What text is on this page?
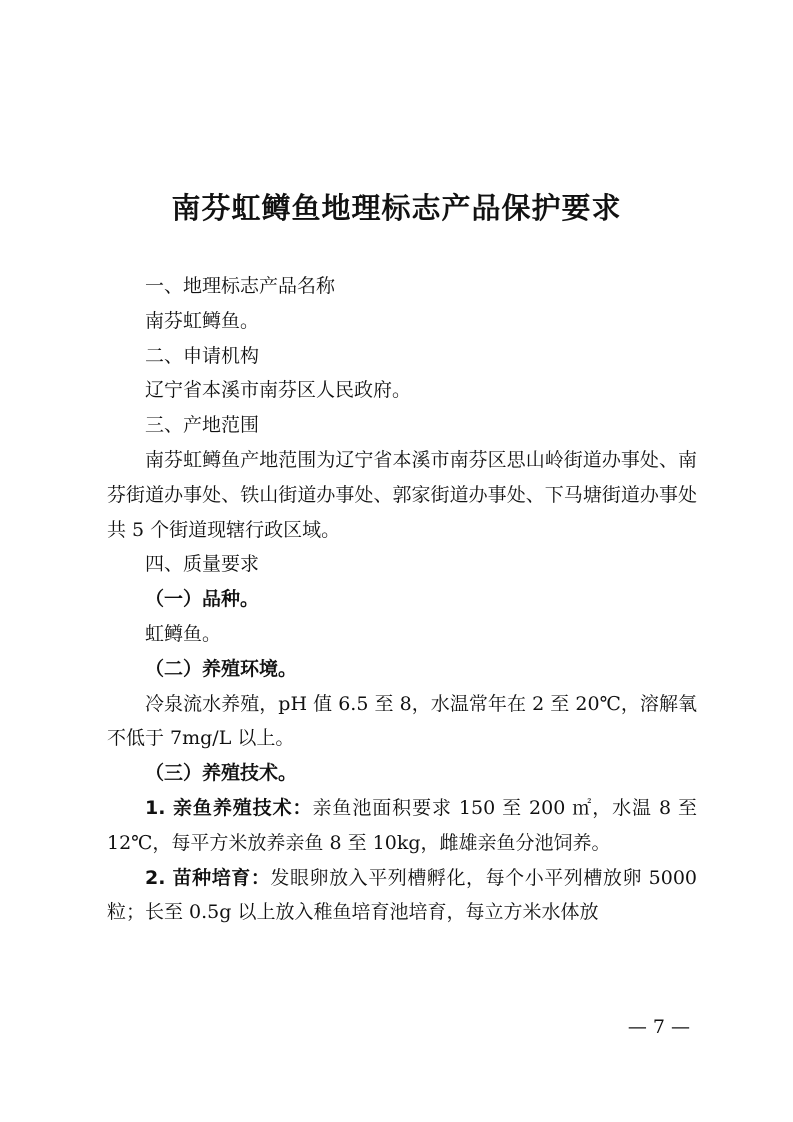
南芬虹鳟鱼地理标志产品保护要求

一、地理标志产品名称

南芬虹鳟鱼。

二、申请机构

辽宁省本溪市南芬区人民政府。

三、产地范围

南芬虹鳟鱼产地范围为辽宁省本溪市南芬区思山岭街道办事处、南芬街道办事处、铁山街道办事处、郭家街道办事处、下马塘街道办事处共 5 个街道现辖行政区域。

四、质量要求

（一）品种。

虹鳟鱼。

（二）养殖环境。

冷泉流水养殖，pH 值 6.5 至 8，水温常年在 2 至 20℃，溶解氧不低于 7mg/L 以上。

（三）养殖技术。

1. 亲鱼养殖技术：亲鱼池面积要求 150 至 200 ㎡，水温 8 至 12℃，每平方米放养亲鱼 8 至 10kg，雌雄亲鱼分池饲养。

2. 苗种培育：发眼卵放入平列槽孵化，每个小平列槽放卵 5000 粒；长至 0.5g 以上放入稚鱼培育池培育，每立方米水体放

— 7 —
